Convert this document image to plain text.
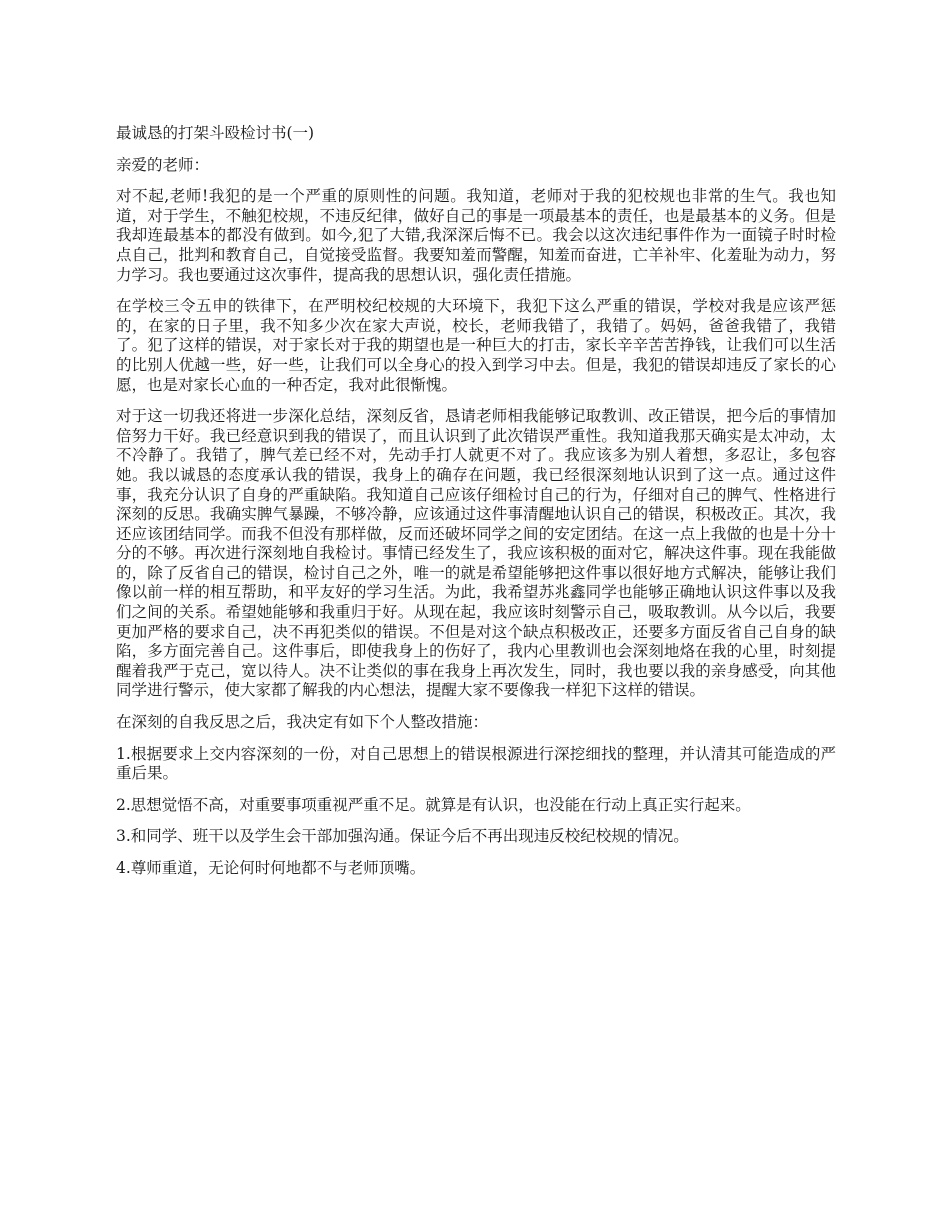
最诚恳的打架斗殴检讨书(一)

亲爱的老师：

对不起,老师!我犯的是一个严重的原则性的问题。我知道，老师对于我的犯校规也非常的生气。我也知道，对于学生，不触犯校规，不违反纪律，做好自己的事是一项最基本的责任，也是最基本的义务。但是我却连最基本的都没有做到。如今,犯了大错,我深深后悔不已。我会以这次违纪事件作为一面镜子时时检点自己，批判和教育自己，自觉接受监督。我要知羞而警醒，知羞而奋进，亡羊补牢、化羞耻为动力，努力学习。我也要通过这次事件，提高我的思想认识，强化责任措施。

在学校三令五申的铁律下，在严明校纪校规的大环境下，我犯下这么严重的错误，学校对我是应该严惩的，在家的日子里，我不知多少次在家大声说，校长，老师我错了，我错了。妈妈，爸爸我错了，我错了。犯了这样的错误，对于家长对于我的期望也是一种巨大的打击，家长辛辛苦苦挣钱，让我们可以生活的比别人优越一些，好一些，让我们可以全身心的投入到学习中去。但是，我犯的错误却违反了家长的心愿，也是对家长心血的一种否定，我对此很惭愧。

对于这一切我还将进一步深化总结，深刻反省，恳请老师相我能够记取教训、改正错误，把今后的事情加倍努力干好。我已经意识到我的错误了，而且认识到了此次错误严重性。我知道我那天确实是太冲动，太不冷静了。我错了，脾气差已经不对，先动手打人就更不对了。我应该多为别人着想，多忍让，多包容她。我以诚恳的态度承认我的错误，我身上的确存在问题，我已经很深刻地认识到了这一点。通过这件事，我充分认识了自身的严重缺陷。我知道自己应该仔细检讨自己的行为，仔细对自己的脾气、性格进行深刻的反思。我确实脾气暴躁，不够冷静，应该通过这件事清醒地认识自己的错误，积极改正。其次，我还应该团结同学。而我不但没有那样做，反而还破坏同学之间的安定团结。在这一点上我做的也是十分十分的不够。再次进行深刻地自我检讨。事情已经发生了，我应该积极的面对它，解决这件事。现在我能做的，除了反省自己的错误，检讨自己之外，唯一的就是希望能够把这件事以很好地方式解决，能够让我们像以前一样的相互帮助，和平友好的学习生活。为此，我希望苏兆鑫同学也能够正确地认识这件事以及我们之间的关系。希望她能够和我重归于好。从现在起，我应该时刻警示自己，吸取教训。从今以后，我要更加严格的要求自己，决不再犯类似的错误。不但是对这个缺点积极改正，还要多方面反省自己自身的缺陷，多方面完善自己。这件事后，即使我身上的伤好了，我内心里教训也会深刻地烙在我的心里，时刻提醒着我严于克己，宽以待人。决不让类似的事在我身上再次发生，同时，我也要以我的亲身感受，向其他同学进行警示，使大家都了解我的内心想法，提醒大家不要像我一样犯下这样的错误。

在深刻的自我反思之后，我决定有如下个人整改措施：

1.根据要求上交内容深刻的一份，对自己思想上的错误根源进行深挖细找的整理，并认清其可能造成的严重后果。

2.思想觉悟不高，对重要事项重视严重不足。就算是有认识，也没能在行动上真正实行起来。

3.和同学、班干以及学生会干部加强沟通。保证今后不再出现违反校纪校规的情况。

4.尊师重道，无论何时何地都不与老师顶嘴。
